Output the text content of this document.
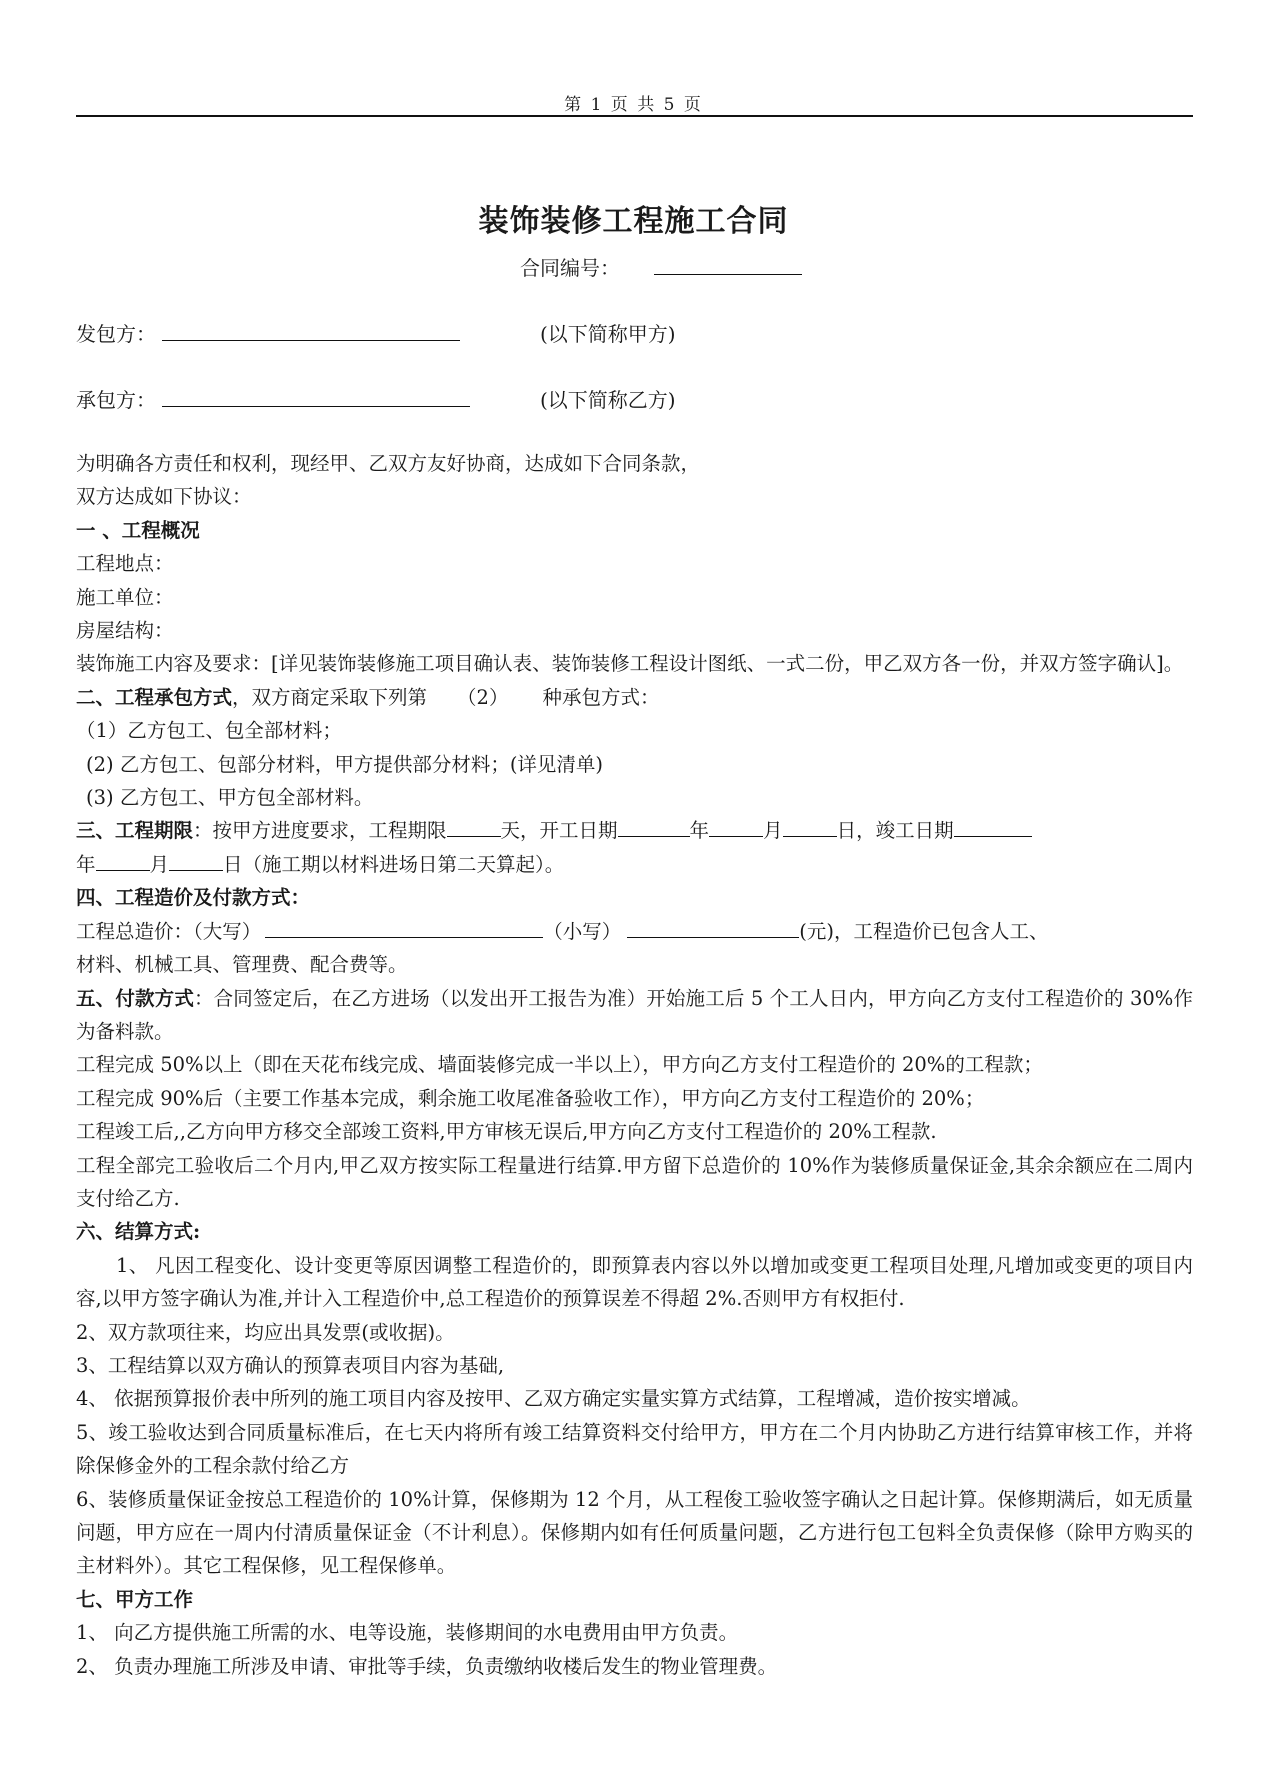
第 1 页 共 5 页
装饰装修工程施工合同
合同编号：
发包方：	(以下简称甲方)
承包方：	(以下简称乙方)
为明确各方责任和权利，现经甲、乙双方友好协商，达成如下合同条款，
双方达成如下协议：
一 、工程概况
工程地点：
施工单位：
房屋结构：
装饰施工内容及要求：[详见装饰装修施工项目确认表、装饰装修工程设计图纸、一式二份，甲乙双方各一份，并双方签字确认]。
二、工程承包方式，双方商定采取下列第 （2） 种承包方式：
（1）乙方包工、包全部材料；
(2) 乙方包工、包部分材料，甲方提供部分材料；(详见清单)
(3) 乙方包工、甲方包全部材料。
三、工程期限：按甲方进度要求，工程期限	天，开工日期	年	月	日，竣工日期
年	月	日（施工期以材料进场日第二天算起）。
四、工程造价及付款方式：
工程总造价：（大写）	（小写）	(元)，工程造价已包含人工、
材料、机械工具、管理费、配合费等。
五、付款方式：合同签定后，在乙方进场（以发出开工报告为准）开始施工后 5 个工人日内，甲方向乙方支付工程造价的 30%作为备料款。
工程完成 50%以上（即在天花布线完成、墙面装修完成一半以上），甲方向乙方支付工程造价的 20%的工程款；
工程完成 90%后（主要工作基本完成，剩余施工收尾准备验收工作），甲方向乙方支付工程造价的 20%；
工程竣工后,,乙方向甲方移交全部竣工资料,甲方审核无误后,甲方向乙方支付工程造价的 20%工程款.
工程全部完工验收后二个月内,甲乙双方按实际工程量进行结算.甲方留下总造价的 10%作为装修质量保证金,其余余额应在二周内支付给乙方.
六、结算方式:
1、 凡因工程变化、设计变更等原因调整工程造价的，即预算表内容以外以增加或变更工程项目处理,凡增加或变更的项目内容,以甲方签字确认为准,并计入工程造价中,总工程造价的预算误差不得超 2%.否则甲方有权拒付.
2、双方款项往来，均应出具发票(或收据)。
3、工程结算以双方确认的预算表项目内容为基础,
4、 依据预算报价表中所列的施工项目内容及按甲、乙双方确定实量实算方式结算，工程增减，造价按实增减。
5、竣工验收达到合同质量标准后，在七天内将所有竣工结算资料交付给甲方，甲方在二个月内协助乙方进行结算审核工作，并将除保修金外的工程余款付给乙方
6、装修质量保证金按总工程造价的 10%计算，保修期为 12 个月，从工程俊工验收签字确认之日起计算。保修期满后，如无质量问题，甲方应在一周内付清质量保证金（不计利息）。保修期内如有任何质量问题，乙方进行包工包料全负责保修（除甲方购买的主材料外）。其它工程保修，见工程保修单。
七、甲方工作
1、 向乙方提供施工所需的水、电等设施，装修期间的水电费用由甲方负责。
2、 负责办理施工所涉及申请、审批等手续，负责缴纳收楼后发生的物业管理费。
